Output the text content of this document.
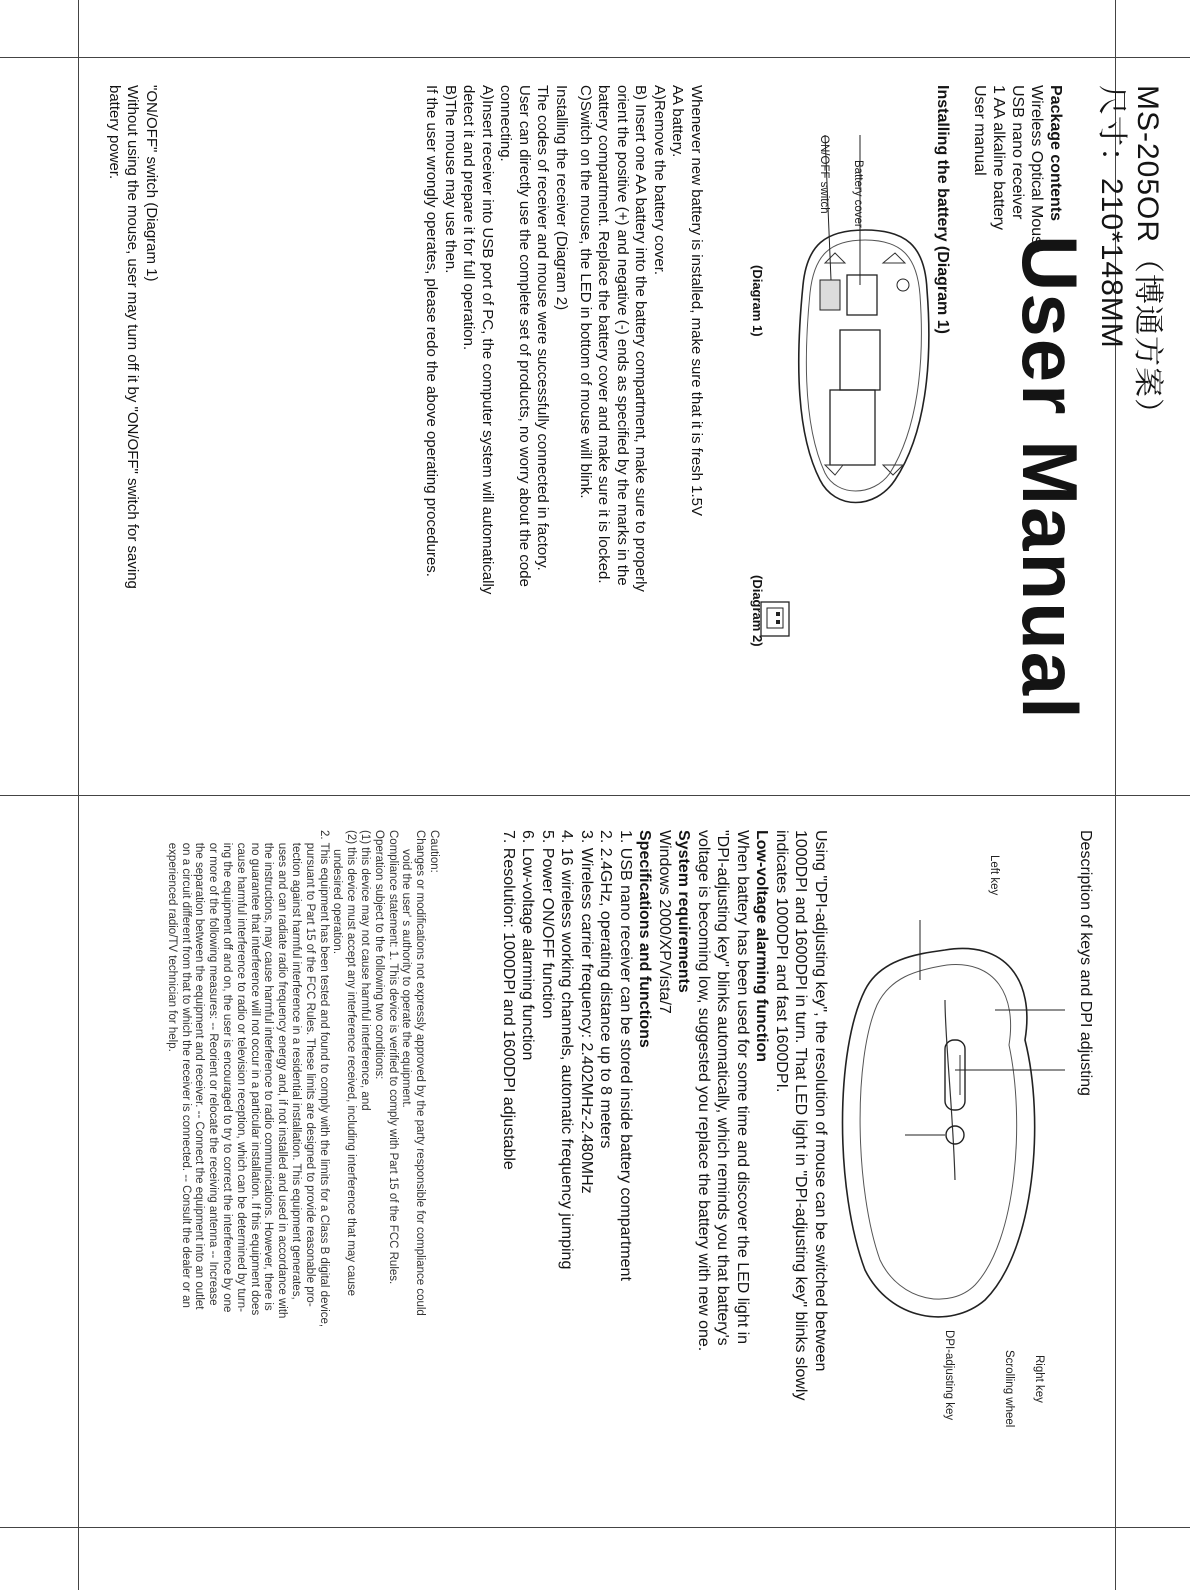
MS-205OR（博通方案）

尺寸：210*148MM

User Manual

Package contents

Wireless Optical Mouse

USB nano receiver

1 AA alkaline battery

User manual

Installing the battery (Diagram 1)

ON/OFF switch Battery cover

(Diagram 1)

(Diagram 2)

Whenever new battery is installed, make sure that it is fresh 1.5V

AA battery.

A)Remove the battery cover.

B) Insert one AA battery into the battery compartment, make sure to properly

orient the positive (+) and negative (-) ends as specified by the marks in the

battery compartment. Replace the battery cover and make sure it is locked.

C)Switch on the mouse, the LED in bottom of mouse will blink.

Installing the receiver (Diagram 2)

The codes of receiver and mouse were successfully connected in factory.

User can directly use the complete set of products, no worry about the code

connecting.

A)Insert receiver into USB port of PC, the computer system will automatically

detect it and prepare it for full operation.

B)The mouse may use then.

If the user wrongly operates, please redo the above operating procedures.

"ON/OFF" switch (Diagram 1)

Without using the mouse, user may turn off it by "ON/OFF" switch for saving

battery power.

Description of keys and DPI adjusting

Left key

Right key

Scrolling wheel

DPI-adjusting key

Using "DPI-adjusting key", the resolution of mouse can be switched between

1000DPI and 1600DPI in turn. That LED light in "DPI-adjusting key" blinks slowly

indicates 1000DPI and fast 1600DPI.

Low-voltage alarming function

When battery has been used for some time and discover the LED light in

"DPI-adjusting key" blinks automatically, which reminds you that battery's

voltage is becoming low, suggested you replace the battery with new one.

System requirements

Windows 2000/XP/Vista/7

Specifications and functions

1. USB nano receiver can be stored inside battery compartment

2. 2.4GHz, operating distance up to 8 meters

3. Wireless carrier frequency: 2.402MHz-2.480MHz

4. 16 wireless working channels, automatic frequency jumping

5. Power ON/OFF function

6. Low-voltage alarming function

7. Resolution: 1000DPI and 1600DPI adjustable

Caution:

Changes or modifications not expressly approved by the party responsible for compliance could

void the user' s authority to operate the equipment.

Compliance statement: 1. This device is verified to comply with Part 15 of the FCC Rules.

Operation subject to the following two conditions:

(1) this device may not cause harmful interference, and

(2) this device must accept any interference received, including interference that may cause

undesired operation.

2. This equipment has been tested and found to comply with the limits for a Class B digital device,

pursuant to Part 15 of the FCC Rules. These limits are designed to provide reasonable pro-

tection against harmful interference in a residential installation. This equipment generates,

uses and can radiate radio frequency energy and, if not installed and used in accordance with

the instructions, may cause harmful interference to radio communications. However, there is

no guarantee that interference will not occur in a particular installation. If this equipment does

cause harmful interference to radio or television reception, which can be determined by turn-

ing the equipment off and on, the user is encouraged to try to correct the interference by one

or more of the following measures: -- Reorient or relocate the receiving antenna -- Increase

the separation between the equipment and receiver. -- Connect the equipment into an outlet

on a circuit different from that to which the receiver is connected. -- Consult the dealer or an

experienced radio/TV technician for help.
